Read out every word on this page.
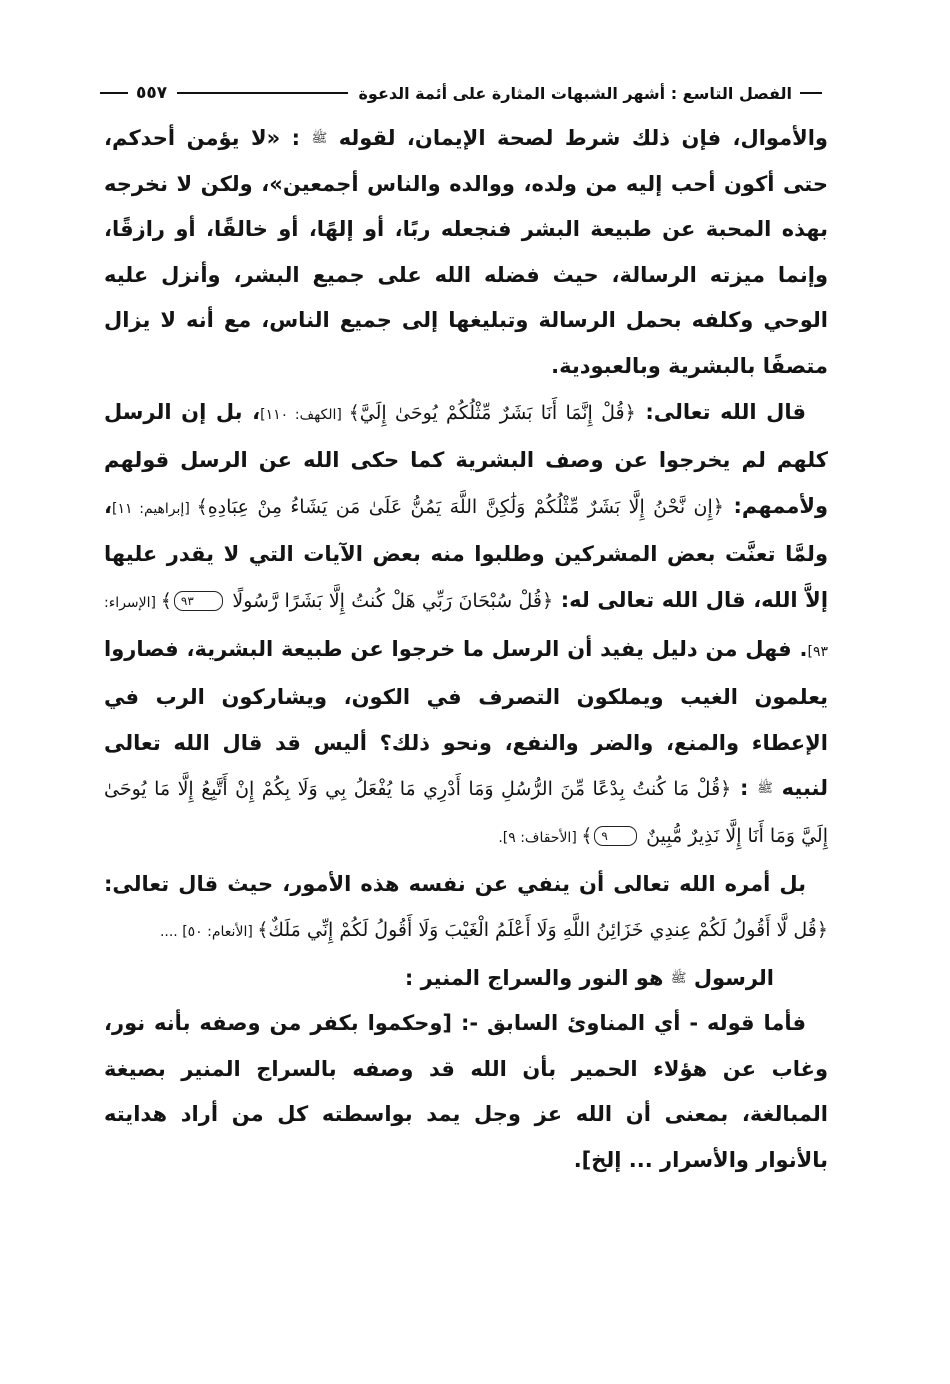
الفصل التاسع : أشهر الشبهات المثارة على أئمة الدعوة
٥٥٧

والأموال، فإن ذلك شرط لصحة الإيمان، لقوله ﷺ : «لا يؤمن أحدكم، حتى أكون أحب إليه من ولده، ووالده والناس أجمعين»، ولكن لا نخرجه بهذه المحبة عن طبيعة البشر فنجعله ربًا، أو إلهًا، أو خالقًا، أو رازقًا، وإنما ميزته الرسالة، حيث فضله الله على جميع البشر، وأنزل عليه الوحي وكلفه بحمل الرسالة وتبليغها إلى جميع الناس، مع أنه لا يزال متصفًا بالبشرية وبالعبودية.

قال الله تعالى: ﴿قُلْ إِنَّمَا أَنَا بَشَرٌ مِّثْلُكُمْ يُوحَىٰ إِلَيَّ﴾ [الكهف: ١١٠]، بل إن الرسل كلهم لم يخرجوا عن وصف البشرية كما حكى الله عن الرسل قولهم ولأممهم: ﴿إِن نَّحْنُ إِلَّا بَشَرٌ مِّثْلُكُمْ وَلَٰكِنَّ اللَّهَ يَمُنُّ عَلَىٰ مَن يَشَاءُ مِنْ عِبَادِهِ﴾ [إبراهيم: ١١]، ولمَّا تعنَّت بعض المشركين وطلبوا منه بعض الآيات التي لا يقدر عليها إلاَّ الله، قال الله تعالى له: ﴿قُلْ سُبْحَانَ رَبِّي هَلْ كُنتُ إِلَّا بَشَرًا رَّسُولًا ٩٣﴾ [الإسراء: ٩٣]. فهل من دليل يفيد أن الرسل ما خرجوا عن طبيعة البشرية، فصاروا يعلمون الغيب ويملكون التصرف في الكون، ويشاركون الرب في الإعطاء والمنع، والضر والنفع، ونحو ذلك؟ أليس قد قال الله تعالى لنبيه ﷺ : ﴿قُلْ مَا كُنتُ بِدْعًا مِّنَ الرُّسُلِ وَمَا أَدْرِي مَا يُفْعَلُ بِي وَلَا بِكُمْ إِنْ أَتَّبِعُ إِلَّا مَا يُوحَىٰ إِلَيَّ وَمَا أَنَا إِلَّا نَذِيرٌ مُّبِينٌ ٩﴾ [الأحقاف: ٩].

بل أمره الله تعالى أن ينفي عن نفسه هذه الأمور، حيث قال تعالى: ﴿قُل لَّا أَقُولُ لَكُمْ عِندِي خَزَائِنُ اللَّهِ وَلَا أَعْلَمُ الْغَيْبَ وَلَا أَقُولُ لَكُمْ إِنِّي مَلَكٌ﴾ [الأنعام: ٥٠] ....

الرسول ﷺ هو النور والسراج المنير :

فأما قوله - أي المناوئ السابق -: [وحكموا بكفر من وصفه بأنه نور، وغاب عن هؤلاء الحمير بأن الله قد وصفه بالسراج المنير بصيغة المبالغة، بمعنى أن الله عز وجل يمد بواسطته كل من أراد هدايته بالأنوار والأسرار ... إلخ].
